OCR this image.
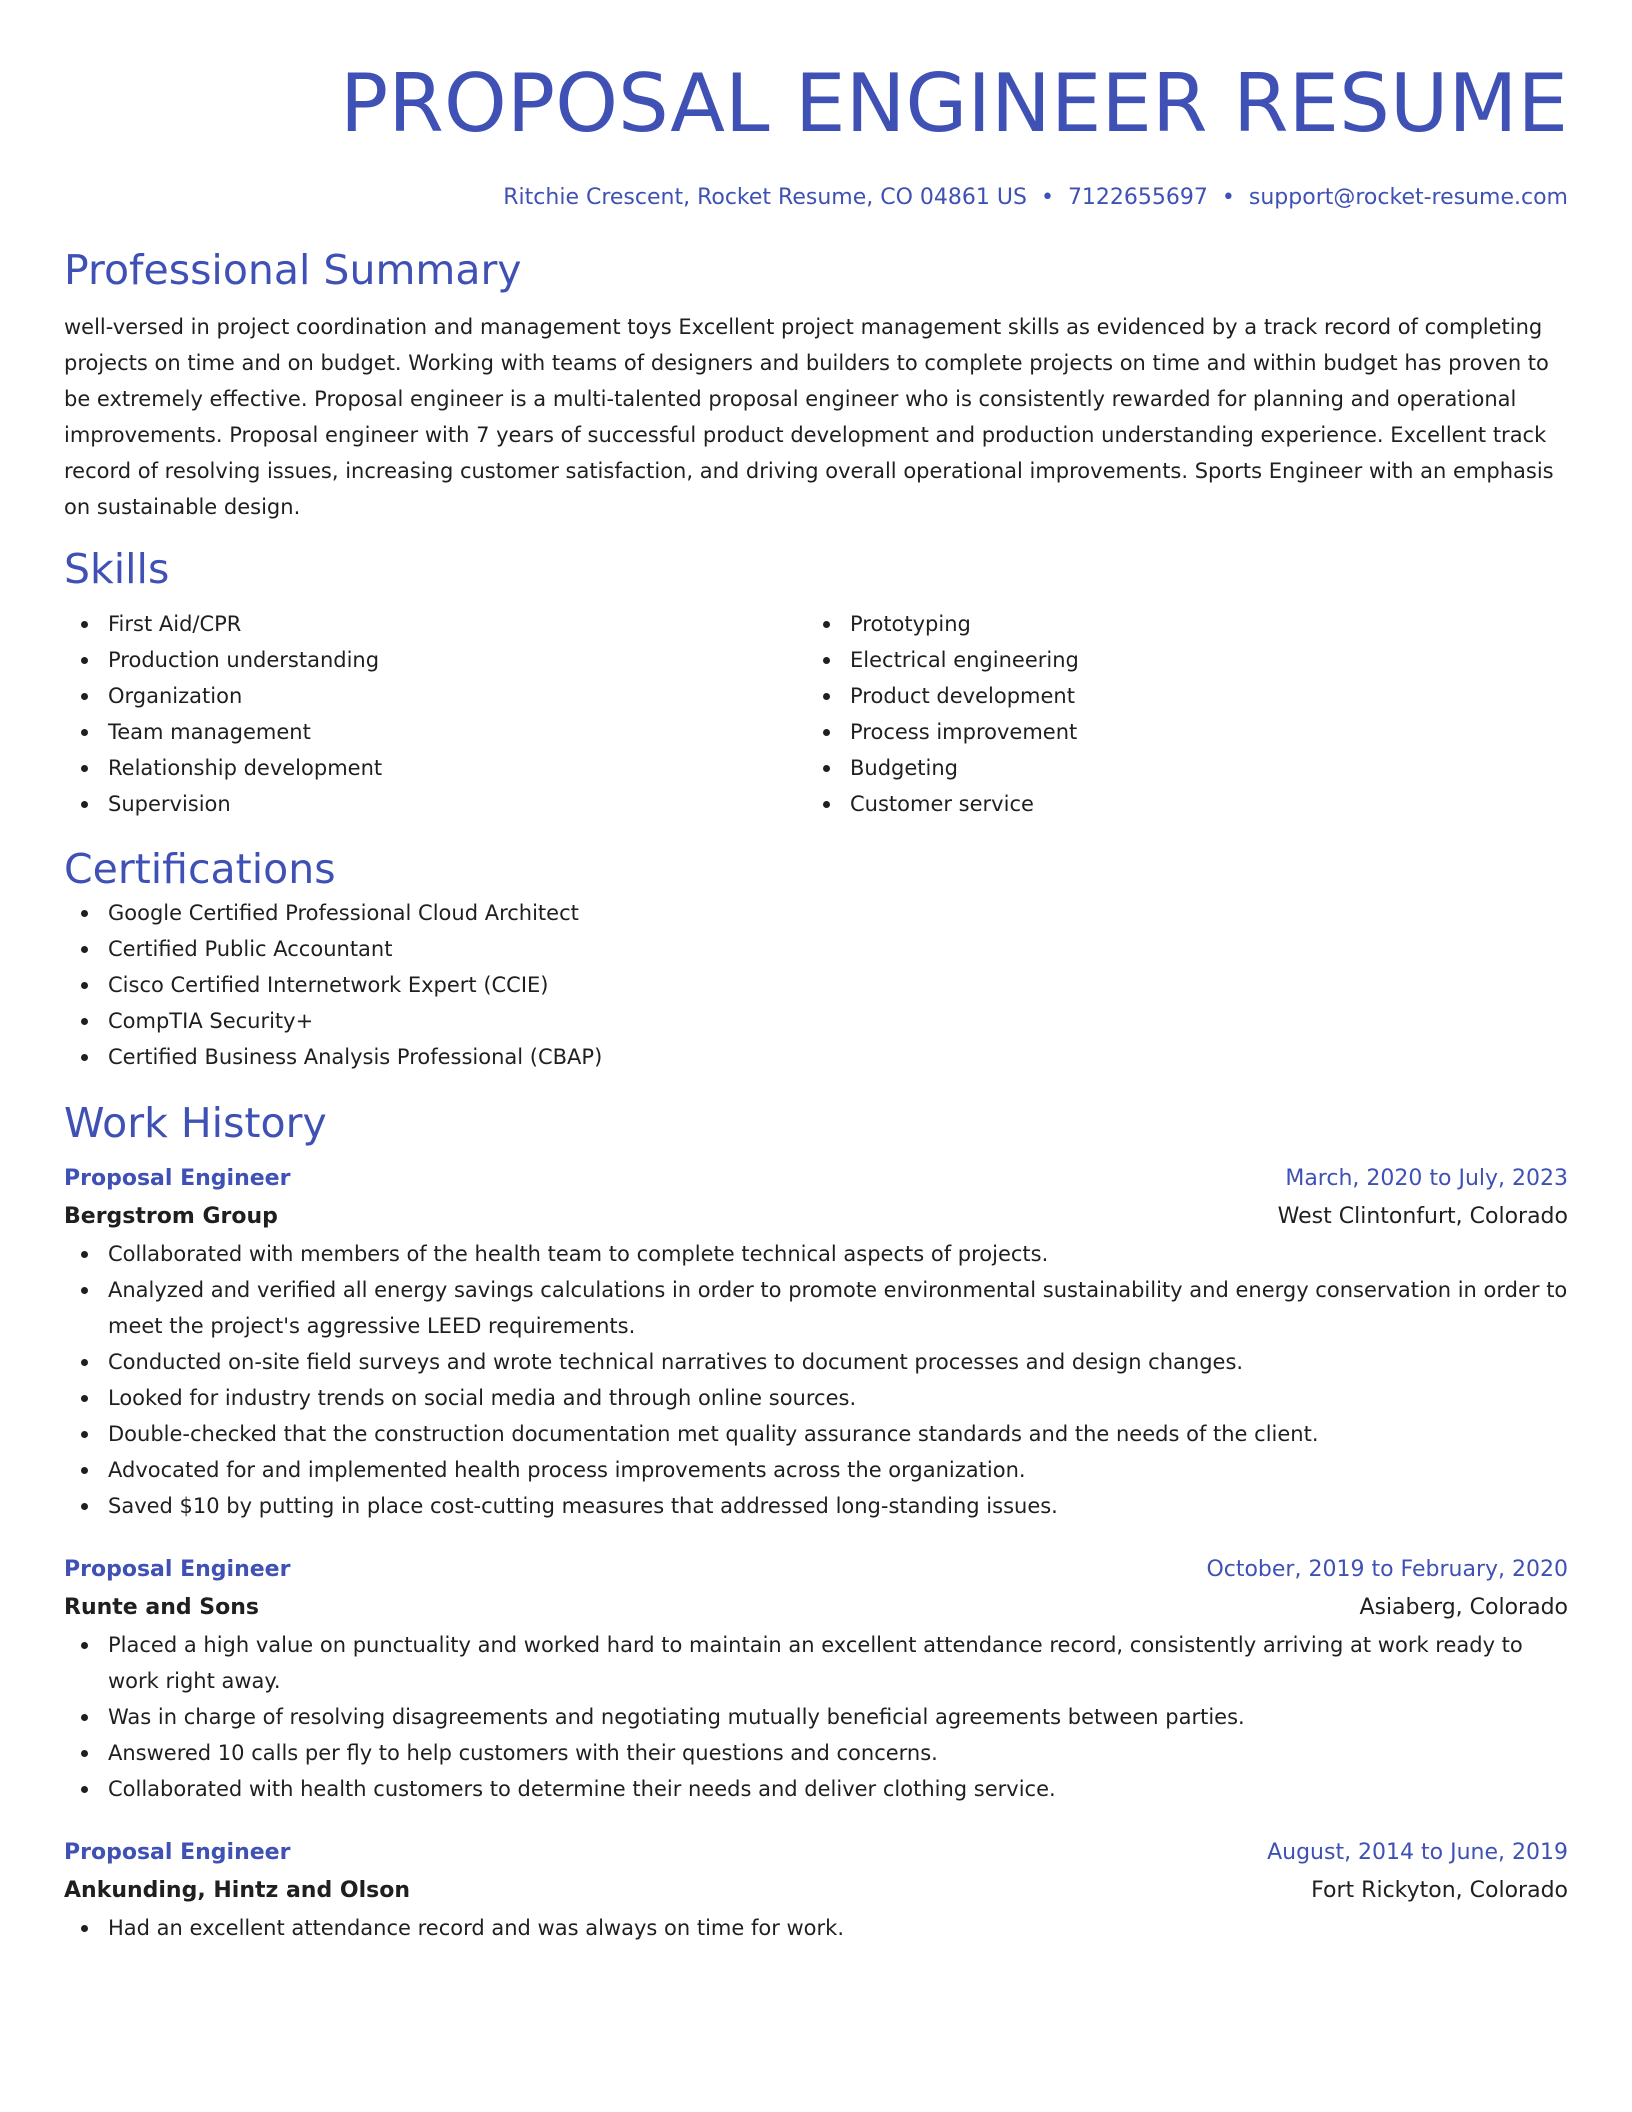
PROPOSAL ENGINEER RESUME
Ritchie Crescent, Rocket Resume, CO 04861 US • 7122655697 • support@rocket-resume.com
Professional Summary

well-versed in project coordination and management toys Excellent project management skills as evidenced by a track record of completing projects on time and on budget. Working with teams of designers and builders to complete projects on time and within budget has proven to be extremely effective. Proposal engineer is a multi-talented proposal engineer who is consistently rewarded for planning and operational improvements. Proposal engineer with 7 years of successful product development and production understanding experience. Excellent track record of resolving issues, increasing customer satisfaction, and driving overall operational improvements. Sports Engineer with an emphasis on sustainable design.

Skills
First Aid/CPR
Production understanding
Organization
Team management
Relationship development
Supervision
Prototyping
Electrical engineering
Product development
Process improvement
Budgeting
Customer service
Certifications
Google Certified Professional Cloud Architect
Certified Public Accountant
Cisco Certified Internetwork Expert (CCIE)
CompTIA Security+
Certified Business Analysis Professional (CBAP)
Work History
Proposal Engineer	March, 2020 to July, 2023
Bergstrom Group	West Clintonfurt, Colorado
Collaborated with members of the health team to complete technical aspects of projects.
Analyzed and verified all energy savings calculations in order to promote environmental sustainability and energy conservation in order to meet the project's aggressive LEED requirements.
Conducted on-site field surveys and wrote technical narratives to document processes and design changes.
Looked for industry trends on social media and through online sources.
Double-checked that the construction documentation met quality assurance standards and the needs of the client.
Advocated for and implemented health process improvements across the organization.
Saved $10 by putting in place cost-cutting measures that addressed long-standing issues.
Proposal Engineer	October, 2019 to February, 2020
Runte and Sons	Asiaberg, Colorado
Placed a high value on punctuality and worked hard to maintain an excellent attendance record, consistently arriving at work ready to work right away.
Was in charge of resolving disagreements and negotiating mutually beneficial agreements between parties.
Answered 10 calls per fly to help customers with their questions and concerns.
Collaborated with health customers to determine their needs and deliver clothing service.
Proposal Engineer	August, 2014 to June, 2019
Ankunding, Hintz and Olson	Fort Rickyton, Colorado
Had an excellent attendance record and was always on time for work.
